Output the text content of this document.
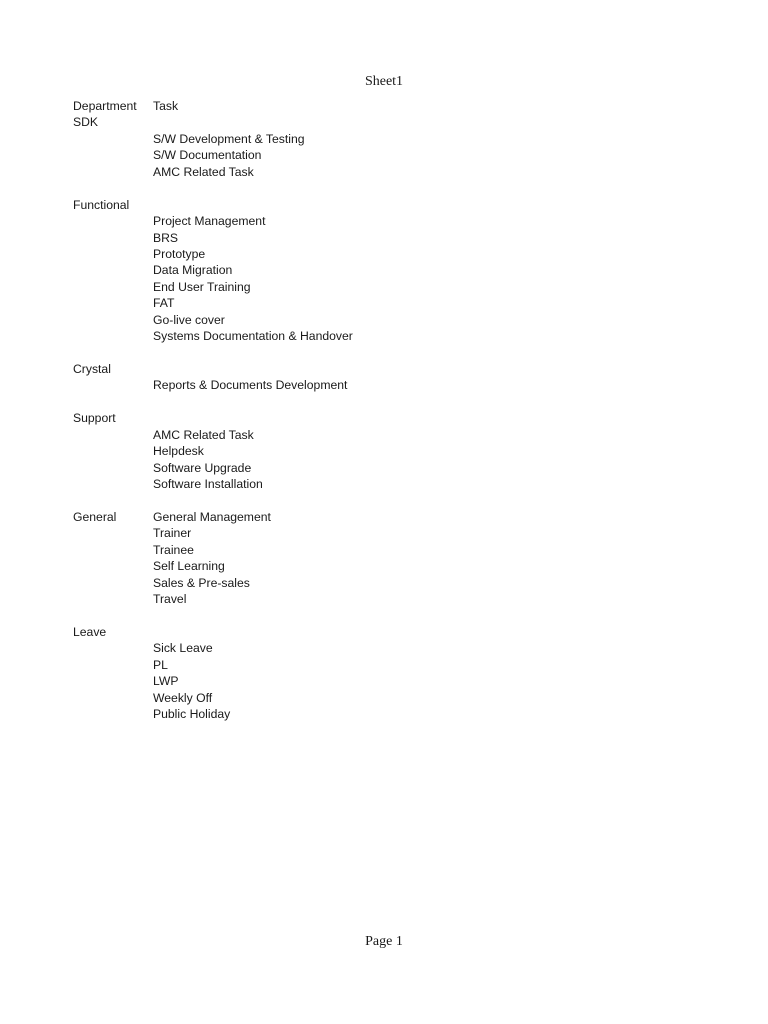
Sheet1
Department	Task
SDK
S/W Development & Testing
S/W Documentation
AMC Related Task
Functional
Project Management
BRS
Prototype
Data Migration
End User Training
FAT
Go-live cover
Systems Documentation & Handover
Crystal
Reports & Documents Development
Support
AMC Related Task
Helpdesk
Software Upgrade
Software Installation
General	General Management
Trainer
Trainee
Self Learning
Sales & Pre-sales
Travel
Leave
Sick Leave
PL
LWP
Weekly Off
Public Holiday
Page 1
